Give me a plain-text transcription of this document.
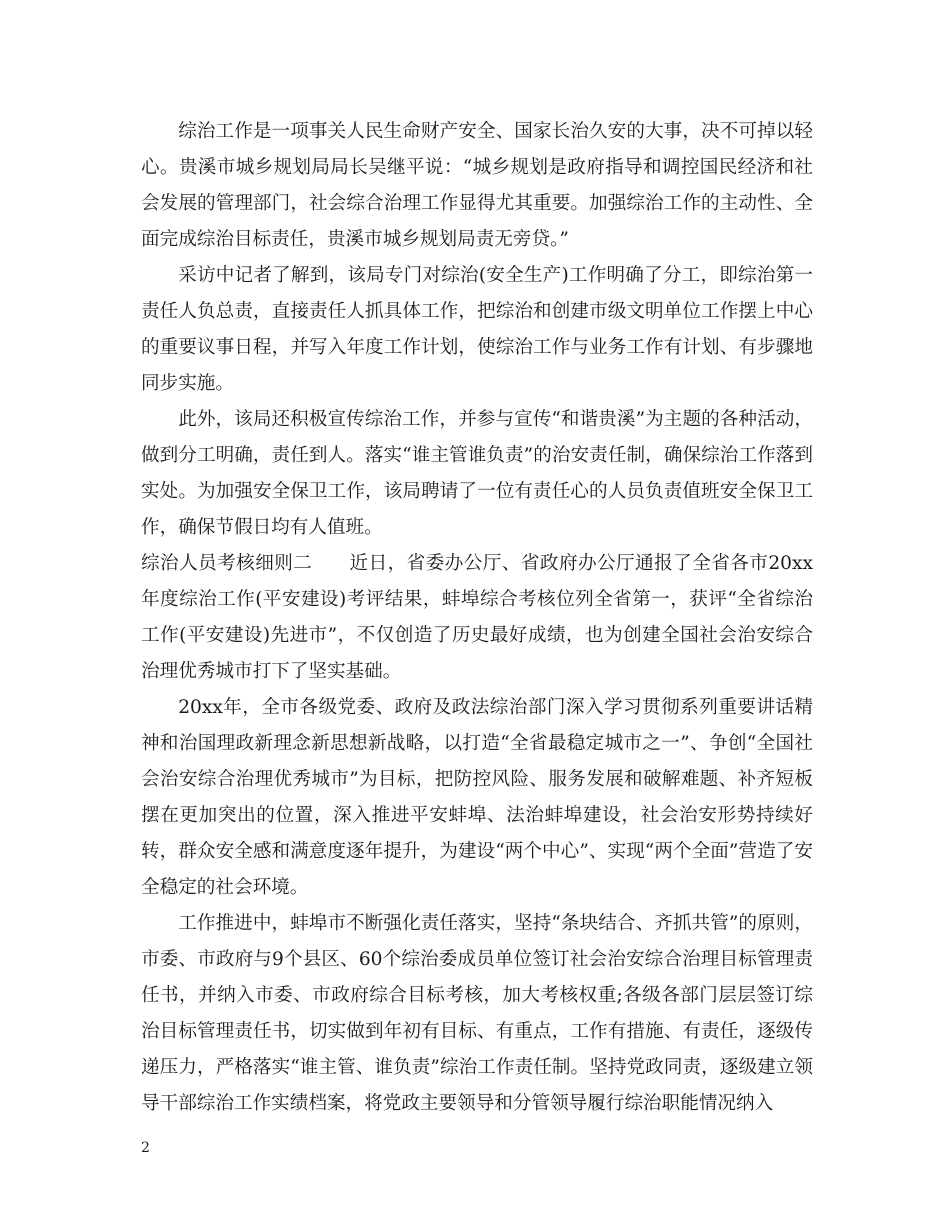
综治工作是一项事关人民生命财产安全、国家长治久安的大事，决不可掉以轻心。贵溪市城乡规划局局长吴继平说：“城乡规划是政府指导和调控国民经济和社会发展的管理部门，社会综合治理工作显得尤其重要。加强综治工作的主动性、全面完成综治目标责任，贵溪市城乡规划局责无旁贷。”

采访中记者了解到，该局专门对综治(安全生产)工作明确了分工，即综治第一责任人负总责，直接责任人抓具体工作，把综治和创建市级文明单位工作摆上中心的重要议事日程，并写入年度工作计划，使综治工作与业务工作有计划、有步骤地同步实施。

此外，该局还积极宣传综治工作，并参与宣传“和谐贵溪”为主题的各种活动，做到分工明确，责任到人。落实“谁主管谁负责”的治安责任制，确保综治工作落到实处。为加强安全保卫工作，该局聘请了一位有责任心的人员负责值班安全保卫工作，确保节假日均有人值班。

综治人员考核细则二 近日，省委办公厅、省政府办公厅通报了全省各市20xx年度综治工作(平安建设)考评结果，蚌埠综合考核位列全省第一，获评“全省综治工作(平安建设)先进市”，不仅创造了历史最好成绩，也为创建全国社会治安综合治理优秀城市打下了坚实基础。

20xx年，全市各级党委、政府及政法综治部门深入学习贯彻系列重要讲话精神和治国理政新理念新思想新战略，以打造“全省最稳定城市之一”、争创“全国社会治安综合治理优秀城市”为目标，把防控风险、服务发展和破解难题、补齐短板摆在更加突出的位置，深入推进平安蚌埠、法治蚌埠建设，社会治安形势持续好转，群众安全感和满意度逐年提升，为建设“两个中心”、实现“两个全面”营造了安全稳定的社会环境。

工作推进中，蚌埠市不断强化责任落实，坚持“条块结合、齐抓共管”的原则，市委、市政府与9个县区、60个综治委成员单位签订社会治安综合治理目标管理责任书，并纳入市委、市政府综合目标考核，加大考核权重;各级各部门层层签订综治目标管理责任书，切实做到年初有目标、有重点，工作有措施、有责任，逐级传递压力，严格落实“谁主管、谁负责”综治工作责任制。坚持党政同责，逐级建立领导干部综治工作实绩档案，将党政主要领导和分管领导履行综治职能情况纳入

2
